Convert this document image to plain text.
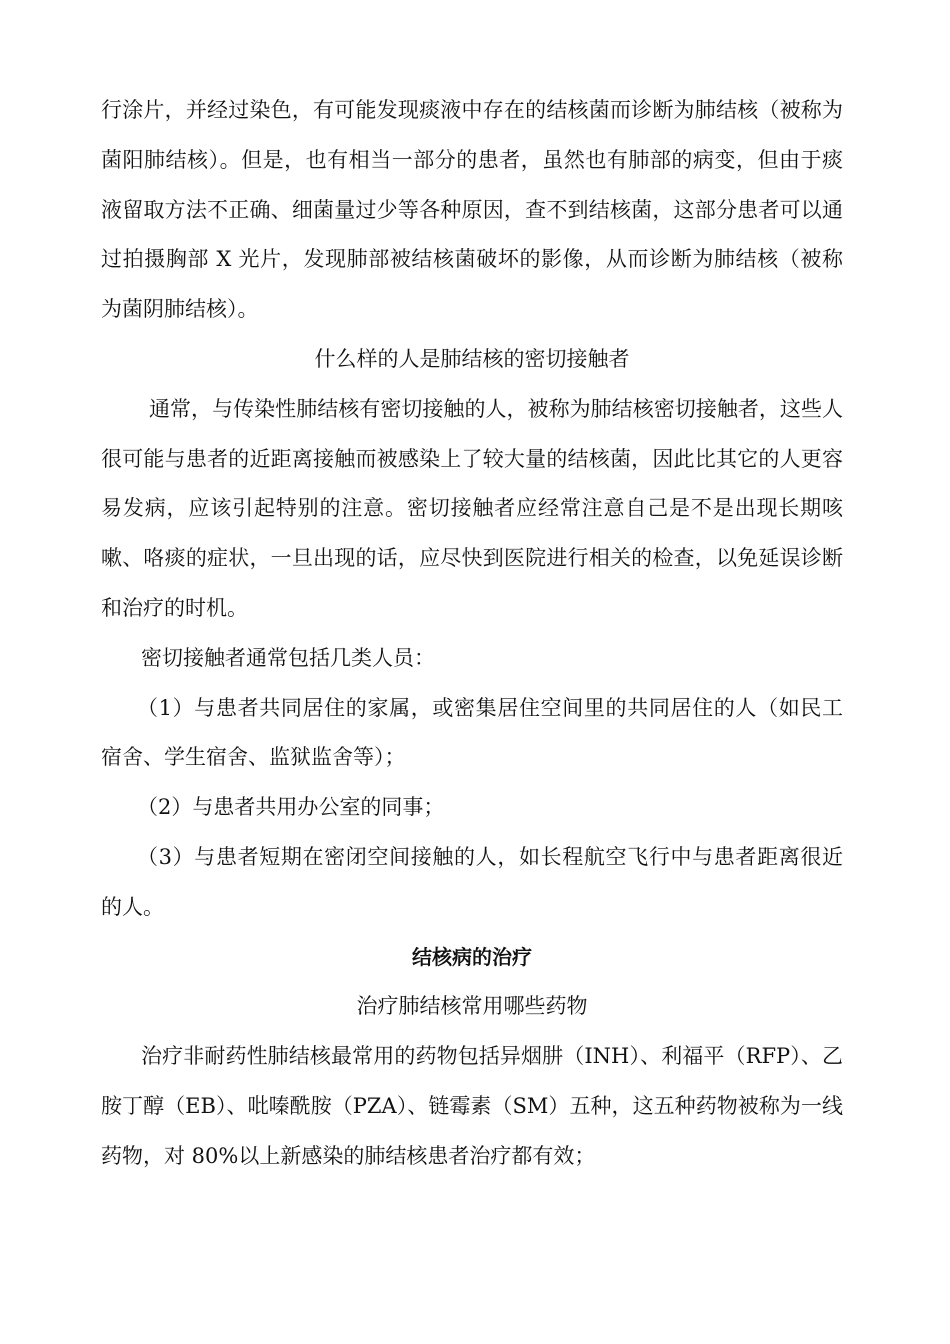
行涂片，并经过染色，有可能发现痰液中存在的结核菌而诊断为肺结核（被称为菌阳肺结核）。但是，也有相当一部分的患者，虽然也有肺部的病变，但由于痰液留取方法不正确、细菌量过少等各种原因，查不到结核菌，这部分患者可以通过拍摄胸部 X 光片，发现肺部被结核菌破坏的影像，从而诊断为肺结核（被称为菌阴肺结核）。

什么样的人是肺结核的密切接触者

通常，与传染性肺结核有密切接触的人，被称为肺结核密切接触者，这些人很可能与患者的近距离接触而被感染上了较大量的结核菌，因此比其它的人更容易发病，应该引起特别的注意。密切接触者应经常注意自己是不是出现长期咳嗽、咯痰的症状，一旦出现的话，应尽快到医院进行相关的检查，以免延误诊断和治疗的时机。

密切接触者通常包括几类人员：

（1）与患者共同居住的家属，或密集居住空间里的共同居住的人（如民工宿舍、学生宿舍、监狱监舍等）；

（2）与患者共用办公室的同事；

（3）与患者短期在密闭空间接触的人，如长程航空飞行中与患者距离很近的人。

结核病的治疗

治疗肺结核常用哪些药物

治疗非耐药性肺结核最常用的药物包括异烟肼（INH）、利福平（RFP）、乙胺丁醇（EB）、吡嗪酰胺（PZA）、链霉素（SM）五种，这五种药物被称为一线药物，对 80%以上新感染的肺结核患者治疗都有效；
